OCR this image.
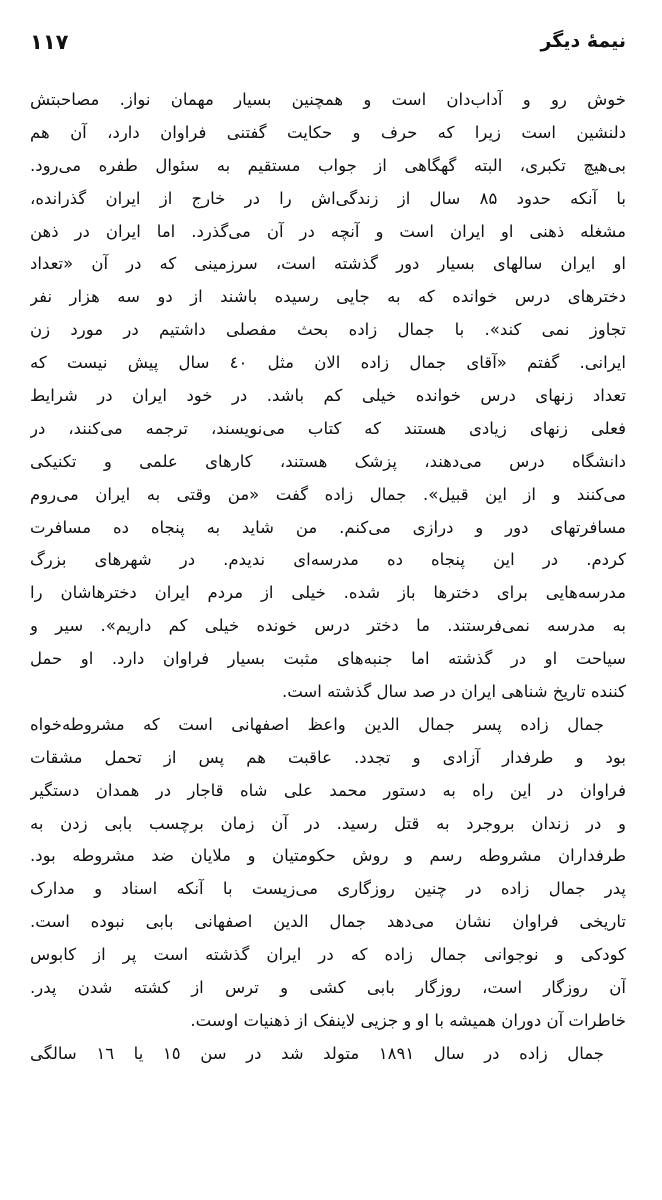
نیمهٔ دیگر
۱۱۷
خوش رو و آداب‌دان است و همچنین بسیار مهمان نواز. مصاحبتش
دلنشین است زیرا که حرف و حکایت گفتنی فراوان دارد، آن هم
بی‌هیچ تکبری، البته گهگاهی از جواب مستقیم به سئوال طفره می‌رود.
با آنکه حدود ۸۵ سال از زندگی‌اش را در خارج از ایران گذرانده،
مشغله ذهنی او ایران است و آنچه در آن می‌گذرد. اما ایران در ذهن
او ایران سالهای بسیار دور گذشته است، سرزمینی که در آن «تعداد
دخترهای درس خوانده که به جایی رسیده باشند از دو سه هزار نفر
تجاوز نمی کند». با جمال زاده بحث مفصلی داشتیم در مورد زن
ایرانی. گفتم «آقای جمال زاده الان مثل ٤٠ سال پیش نیست که
تعداد زنهای درس خوانده خیلی کم باشد. در خود ایران در شرایط
فعلی زنهای زیادی هستند که کتاب می‌نویسند، ترجمه می‌کنند، در
دانشگاه درس می‌دهند، پزشک هستند، کارهای علمی و تکنیکی
می‌کنند و از این قبیل». جمال زاده گفت «من وقتی به ایران می‌روم
مسافرتهای دور و درازی می‌کنم. من شاید به پنجاه ده مسافرت
کردم. در این پنجاه ده مدرسه‌ای ندیدم. در شهرهای بزرگ
مدرسه‌هایی برای دخترها باز شده. خیلی از مردم ایران دخترهاشان را
به مدرسه نمی‌فرستند. ما دختر درس خونده خیلی کم داریم». سیر و
سیاحت او در گذشته اما جنبه‌های مثبت بسیار فراوان دارد. او حمل
کننده تاریخ شناهی ایران در صد سال گذشته است.
جمال زاده پسر جمال الدین واعظ اصفهانی است که مشروطه‌خواه
بود و طرفدار آزادی و تجدد. عاقبت هم پس از تحمل مشقات
فراوان در این راه به دستور محمد علی شاه قاجار در همدان دستگیر
و در زندان بروجرد به قتل رسید. در آن زمان برچسب بابی زدن به
طرفداران مشروطه رسم و روش حکومتیان و ملایان ضد مشروطه بود.
پدر جمال زاده در چنین روزگاری می‌زیست با آنکه اسناد و مدارک
تاریخی فراوان نشان می‌دهد جمال الدین اصفهانی بابی نبوده است.
کودکی و نوجوانی جمال زاده که در ایران گذشته است پر از کابوس
آن روزگار است، روزگار بابی کشی و ترس از کشته شدن پدر.
خاطرات آن دوران همیشه با او و جزیی لاینفک از ذهنیات اوست.
جمال زاده در سال ۱۸۹۱ متولد شد در سن ۱٥ یا ۱٦ سالگی
